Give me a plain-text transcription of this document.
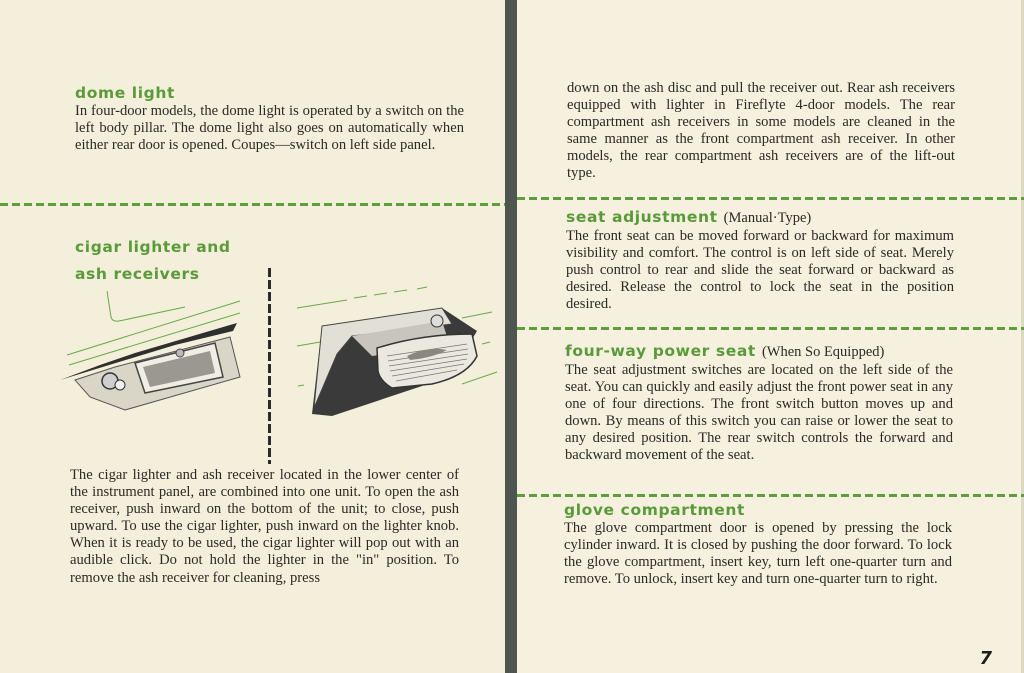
dome light

In four-door models, the dome light is operated by a switch on the left body pillar. The dome light also goes on automatically when either rear door is opened. Coupes—switch on left side panel.

cigar lighter and
ash receivers

The cigar lighter and ash receiver located in the lower center of the instrument panel, are combined into one unit. To open the ash receiver, push inward on the bottom of the unit; to close, push upward. To use the cigar lighter, push inward on the lighter knob. When it is ready to be used, the cigar lighter will pop out with an audible click. Do not hold the lighter in the "in" position. To remove the ash receiver for cleaning, press

down on the ash disc and pull the receiver out. Rear ash receivers equipped with lighter in Fireflyte 4-door models. The rear compartment ash receivers in some models are cleaned in the same manner as the front compartment ash receiver. In other models, the rear compartment ash receivers are of the lift-out type.

seat adjustment (Manual·Type)

The front seat can be moved forward or backward for maximum visibility and comfort. The control is on left side of seat. Merely push control to rear and slide the seat forward or backward as desired. Release the control to lock the seat in the position desired.

four-way power seat (When So Equipped)

The seat adjustment switches are located on the left side of the seat. You can quickly and easily adjust the front power seat in any one of four directions. The front switch button moves up and down. By means of this switch you can raise or lower the seat to any desired position. The rear switch controls the forward and backward movement of the seat.

glove compartment

The glove compartment door is opened by pressing the lock cylinder inward. It is closed by pushing the door forward. To lock the glove compartment, insert key, turn left one-quarter turn and remove. To unlock, insert key and turn one-quarter turn to right.

7
